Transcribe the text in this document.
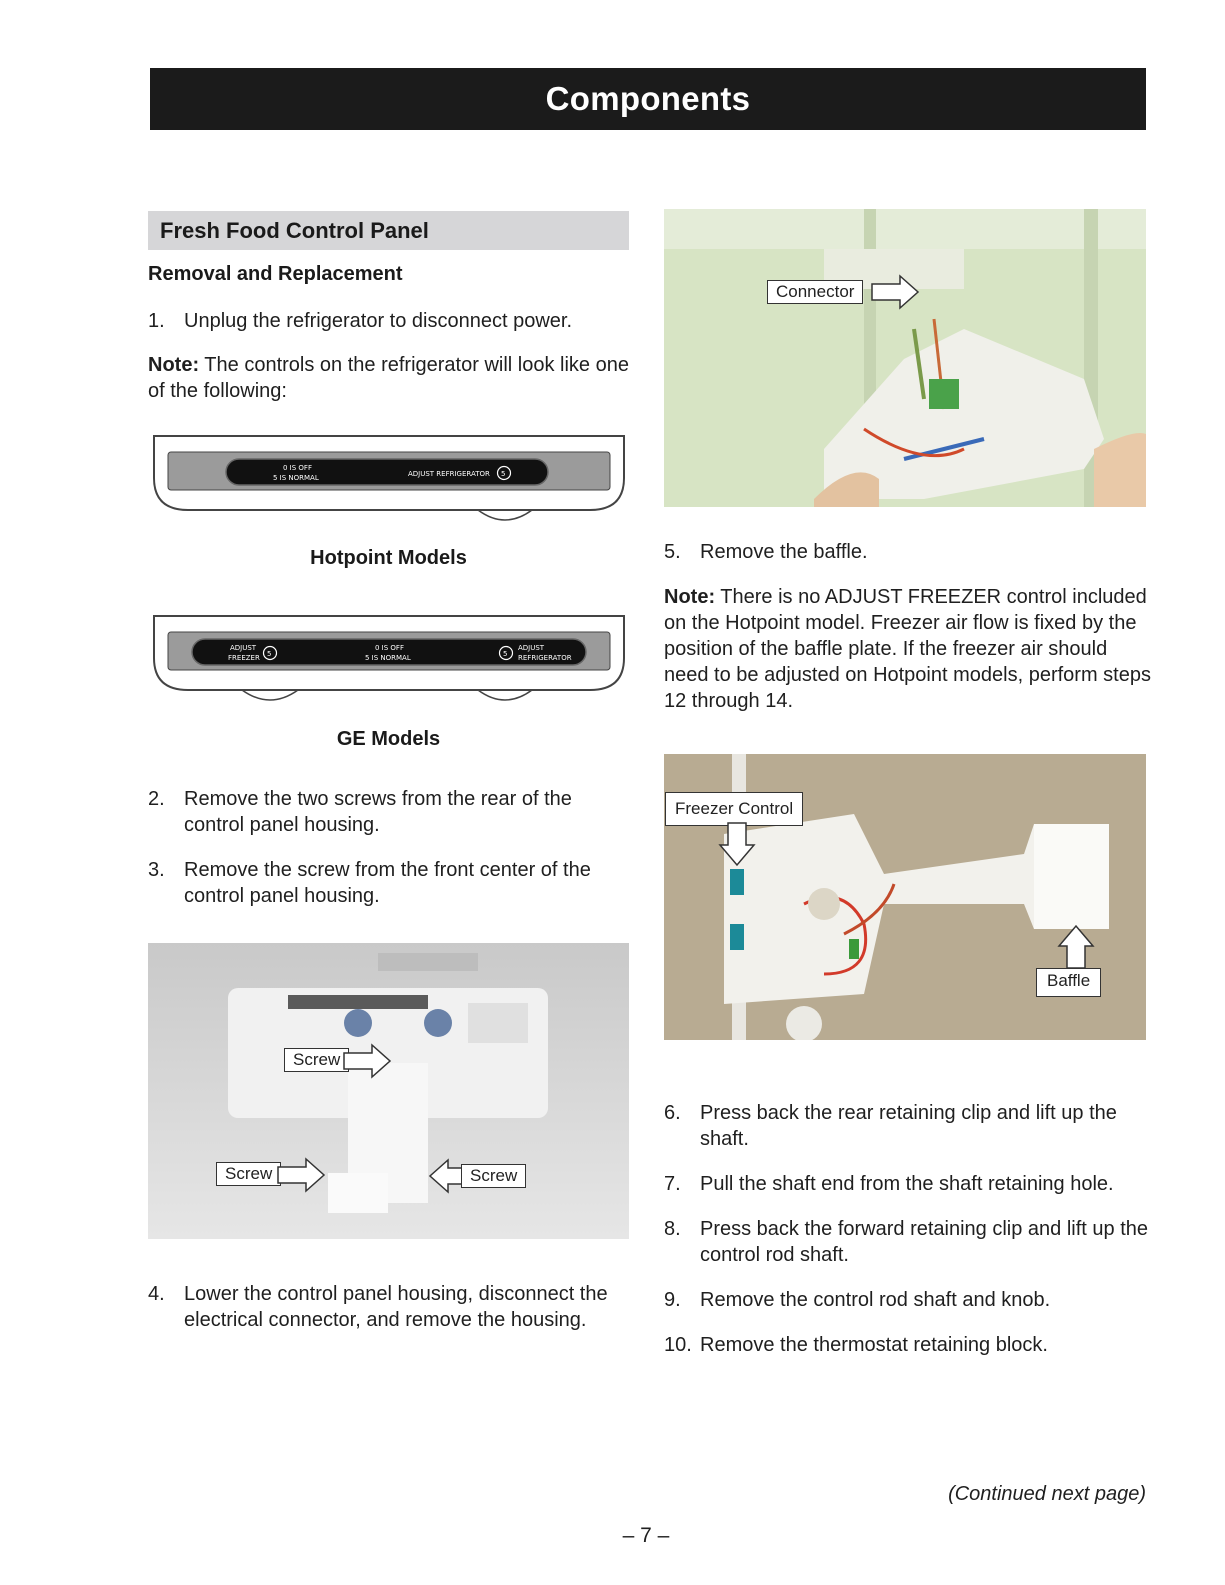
Components
Fresh Food Control Panel
Removal and Replacement
1. Unplug the refrigerator to disconnect power.
Note: The controls on the refrigerator will look like one of the following:
0 IS OFF
5 IS NORMAL	ADJUST REFRIGERATOR 5
Hotpoint Models
ADJUST
FREEZER 5
0 IS OFF
5 IS NORMAL	5
ADJUST
REFRIGERATOR
GE Models
2. Remove the two screws from the rear of the control panel housing.
3. Remove the screw from the front center of the control panel housing.
Screw
Screw	Screw
4. Lower the control panel housing, disconnect the electrical connector, and remove the housing.
Connector
5. Remove the baffle.
Note: There is no ADJUST FREEZER control included on the Hotpoint model. Freezer air flow is fixed by the position of the baffle plate. If the freezer air should need to be adjusted on Hotpoint models, perform steps 12 through 14.
Freezer Control
Baffle
6. Press back the rear retaining clip and lift up the shaft.
7. Pull the shaft end from the shaft retaining hole.
8. Press back the forward retaining clip and lift up the control rod shaft.
9. Remove the control rod shaft and knob.
10. Remove the thermostat retaining block.
(Continued next page)
– 7 –
